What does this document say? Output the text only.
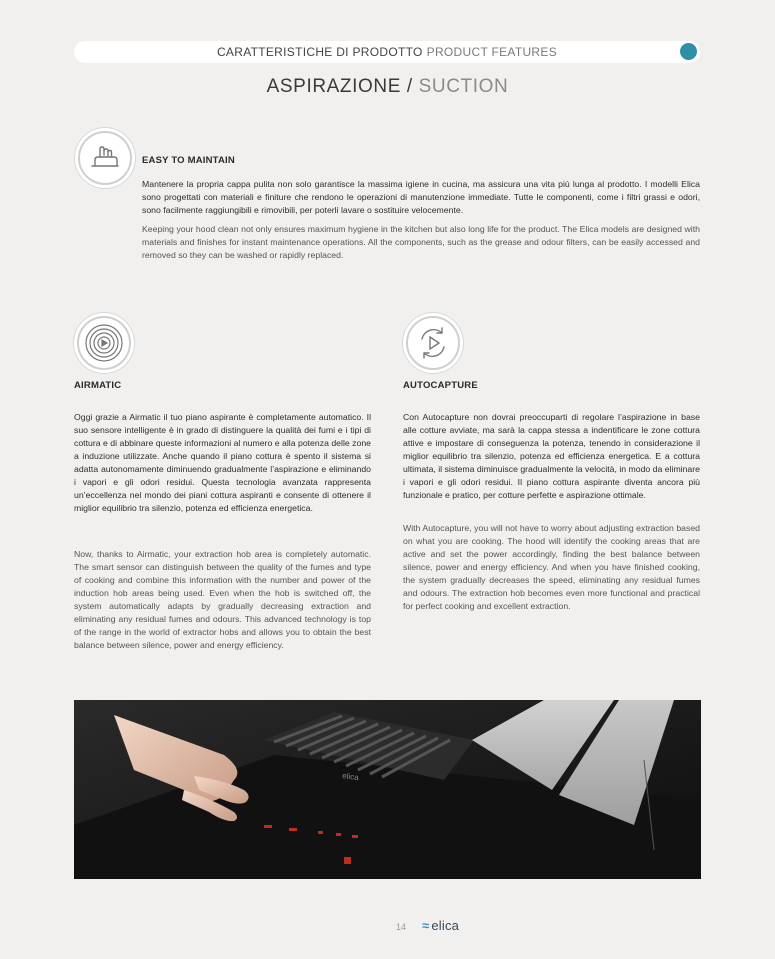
CARATTERISTICHE DI PRODOTTO PRODUCT FEATURES
ASPIRAZIONE / SUCTION
EASY TO MAINTAIN

Mantenere la propria cappa pulita non solo garantisce la massima igiene in cucina, ma assicura una vita più lunga al prodotto. I modelli Elica sono progettati con materiali e finiture che rendono le operazioni di manutenzione immediate. Tutte le componenti, come i filtri grassi e odori, sono facilmente raggiungibili e rimovibili, per poterli lavare o sostituire velocemente.

Keeping your hood clean not only ensures maximum hygiene in the kitchen but also long life for the product. The Elica models are designed with materials and finishes for instant maintenance operations. All the components, such as the grease and odour filters, can be easily accessed and removed so they can be washed or rapidly replaced.

AIRMATIC

Oggi grazie a Airmatic il tuo piano aspirante è completamente automatico. Il suo sensore intelligente è in grado di distinguere la qualità dei fumi e i tipi di cottura e di abbinare queste informazioni al numero e alla potenza delle zone a induzione utilizzate. Anche quando il piano cottura è spento il sistema si adatta autonomamente diminuendo gradualmente l’aspirazione e eliminando i vapori e gli odori residui. Questa tecnologia avanzata rappresenta un’eccellenza nel mondo dei piani cottura aspiranti e consente di ottenere il miglior equilibrio tra silenzio, potenza ed efficienza energetica.

Now, thanks to Airmatic, your extraction hob area is completely automatic. The smart sensor can distinguish between the quality of the fumes and type of cooking and combine this information with the number and power of the induction hob areas being used. Even when the hob is switched off, the system automatically adapts by gradually decreasing extraction and eliminating any residual fumes and odours. This advanced technology is top of the range in the world of extractor hobs and allows you to obtain the best balance between silence, power and energy efficiency.

AUTOCAPTURE

Con Autocapture non dovrai preoccuparti di regolare l’aspirazione in base alle cotture avviate, ma sarà la cappa stessa a indentificare le zone cottura attive e impostare di conseguenza la potenza, tenendo in considerazione il miglior equilibrio tra silenzio, potenza ed efficienza energetica. E a cottura ultimata, il sistema diminuisce gradualmente la velocità, in modo da eliminare i vapori e gli odori residui. Il piano cottura aspirante diventa ancora più funzionale e pratico, per cotture perfette e aspirazione ottimale.

With Autocapture, you will not have to worry about adjusting extraction based on what you are cooking. The hood will identify the cooking areas that are active and set the power accordingly, finding the best balance between silence, power and energy efficiency. And when you have finished cooking, the system gradually decreases the speed, eliminating any residual fumes and odours. The extraction hob becomes even more functional and practical for perfect cooking and excellent extraction.

elica
14 ≈ elica
